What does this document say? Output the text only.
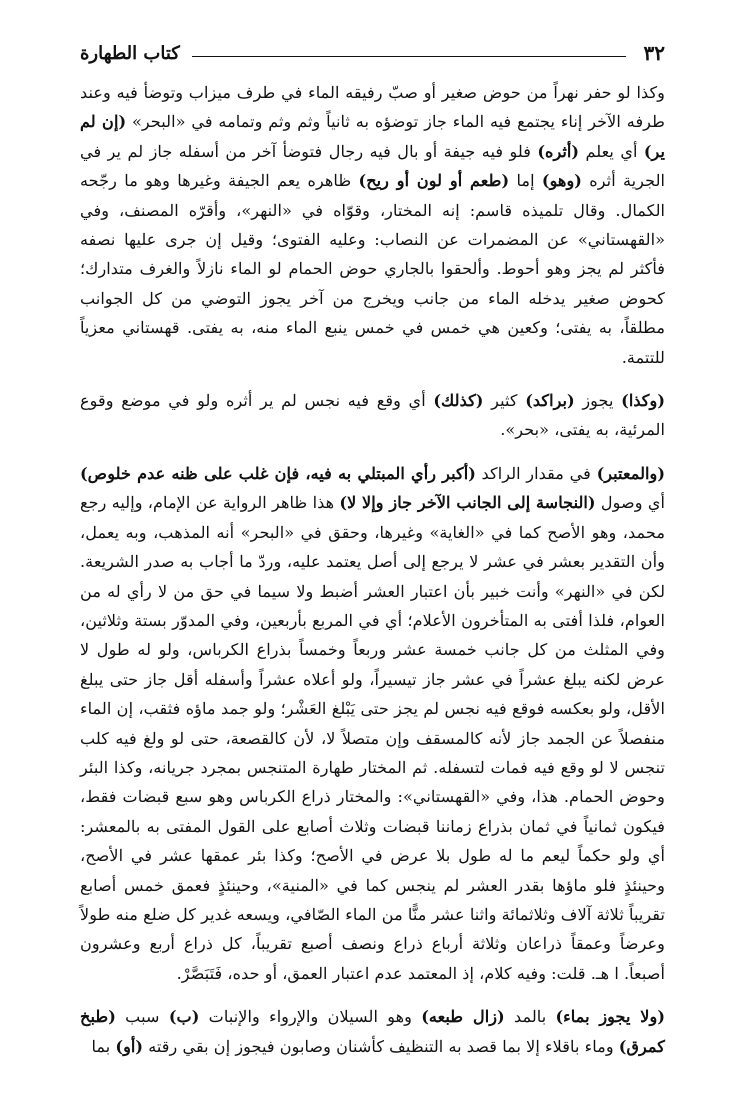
٣٢
كتاب الطهارة

وكذا لو حفر نهراً من حوض صغير أو صبّ رفيقه الماء في طرف ميزاب وتوضأ فيه وعند طرفه الآخر إناء يجتمع فيه الماء جاز توضؤه به ثانياً وثم وثم وتمامه في «البحر» (إن لم ير) أي يعلم (أثره) فلو فيه جيفة أو بال فيه رجال فتوضأ آخر من أسفله جاز لم ير في الجرية أثره (وهو) إما (طعم أو لون أو ريح) ظاهره يعم الجيفة وغيرها وهو ما رجّحه الكمال. وقال تلميذه قاسم: إنه المختار، وقوّاه في «النهر»، وأقرّه المصنف، وفي «القهستاني» عن المضمرات عن النصاب: وعليه الفتوى؛ وقيل إن جرى عليها نصفه فأكثر لم يجز وهو أحوط. وألحقوا بالجاري حوض الحمام لو الماء نازلاً والغرف متدارك؛ كحوض صغير يدخله الماء من جانب ويخرج من آخر يجوز التوضي من كل الجوانب مطلقاً، به يفتى؛ وكعين هي خمس في خمس ينبع الماء منه، به يفتى. قهستاني معزياً للتتمة.

(وكذا) يجوز (براكد) كثير (كذلك) أي وقع فيه نجس لم ير أثره ولو في موضع وقوع المرئية، به يفتى، «بحر».

(والمعتبر) في مقدار الراكد (أكبر رأي المبتلي به فيه، فإن غلب على ظنه عدم خلوص) أي وصول (النجاسة إلى الجانب الآخر جاز وإلا لا) هذا ظاهر الرواية عن الإمام، وإليه رجع محمد، وهو الأصح كما في «الغاية» وغيرها، وحقق في «البحر» أنه المذهب، وبه يعمل، وأن التقدير بعشر في عشر لا يرجع إلى أصل يعتمد عليه، وردّ ما أجاب به صدر الشريعة. لكن في «النهر» وأنت خبير بأن اعتبار العشر أضبط ولا سيما في حق من لا رأي له من العوام، فلذا أفتى به المتأخرون الأعلام؛ أي في المربع بأربعين، وفي المدوّر بستة وثلاثين، وفي المثلث من كل جانب خمسة عشر وربعاً وخمساً بذراع الكرباس، ولو له طول لا عرض لكنه يبلغ عشراً في عشر جاز تيسيراً، ولو أعلاه عشراً وأسفله أقل جاز حتى يبلغ الأقل، ولو بعكسه فوقع فيه نجس لم يجز حتى يَبْلغ العَشْر؛ ولو جمد ماؤه فثقب، إن الماء منفصلاً عن الجمد جاز لأنه كالمسقف وإن متصلاً لا، لأن كالقصعة، حتى لو ولغ فيه كلب تنجس لا لو وقع فيه فمات لتسفله. ثم المختار طهارة المتنجس بمجرد جريانه، وكذا البئر وحوض الحمام. هذا، وفي «القهستاني»: والمختار ذراع الكرباس وهو سبع قبضات فقط، فيكون ثمانياً في ثمان بذراع زماننا قبضات وثلاث أصابع على القول المفتى به بالمعشر: أي ولو حكماً ليعم ما له طول بلا عرض في الأصح؛ وكذا بئر عمقها عشر في الأصح، وحينئذٍ فلو ماؤها بقدر العشر لم ينجس كما في «المنية»، وحينئذٍ فعمق خمس أصابع تقريباً ثلاثة آلاف وثلاثمائة واثنا عشر منًّا من الماء الصّافي، ويسعه غدير كل ضلع منه طولاً وعرضاً وعمقاً ذراعان وثلاثة أرباع ذراع ونصف أصبع تقريباً، كل ذراع أربع وعشرون أصبعاً. ا هـ. قلت: وفيه كلام، إذ المعتمد عدم اعتبار العمق، أو حده، فَتَبَصَّرْ.

(ولا يجوز بماء) بالمد (زال طبعه) وهو السيلان والإرواء والإنبات (ب) سبب (طبخ كمرق) وماء باقلاء إلا بما قصد به التنظيف كأشنان وصابون فيجوز إن بقي رقته (أو) بما
